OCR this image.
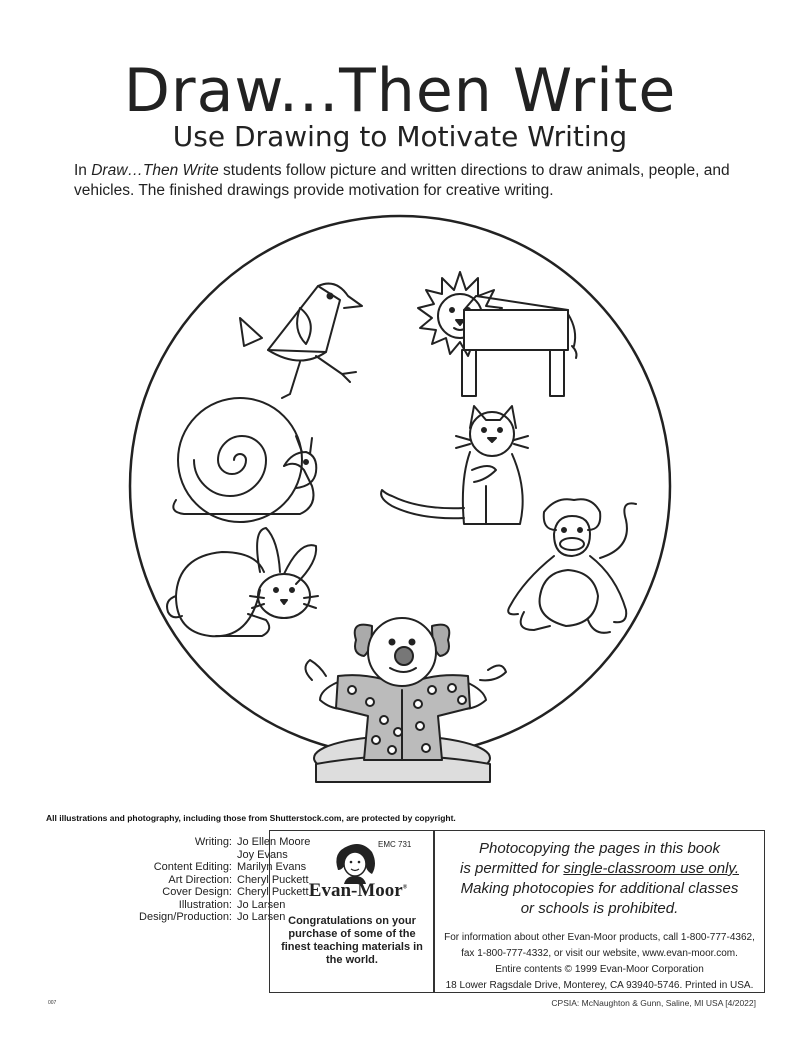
Draw...Then Write
Use Drawing to Motivate Writing
In Draw…Then Write students follow picture and written directions to draw animals, people, and vehicles. The finished drawings provide motivation for creative writing.
All illustrations and photography, including those from Shutterstock.com, are protected by copyright.
Writing: Jo Ellen Moore
Joy Evans
Content Editing: Marilyn Evans
Art Direction: Cheryl Puckett
Cover Design: Cheryl Puckett
Illustration: Jo Larsen
Design/Production: Jo Larsen
EMC 731
Evan-Moor®
Congratulations on your purchase of some of the finest teaching materials in the world.
Photocopying the pages in this book
is permitted for single-classroom use only.
Making photocopies for additional classes
or schools is prohibited.
For information about other Evan-Moor products, call 1-800-777-4362,
fax 1-800-777-4332, or visit our website, www.evan-moor.com.
Entire contents © 1999 Evan-Moor Corporation
18 Lower Ragsdale Drive, Monterey, CA 93940-5746. Printed in USA.
007	CPSIA: McNaughton & Gunn, Saline, MI USA [4/2022]
